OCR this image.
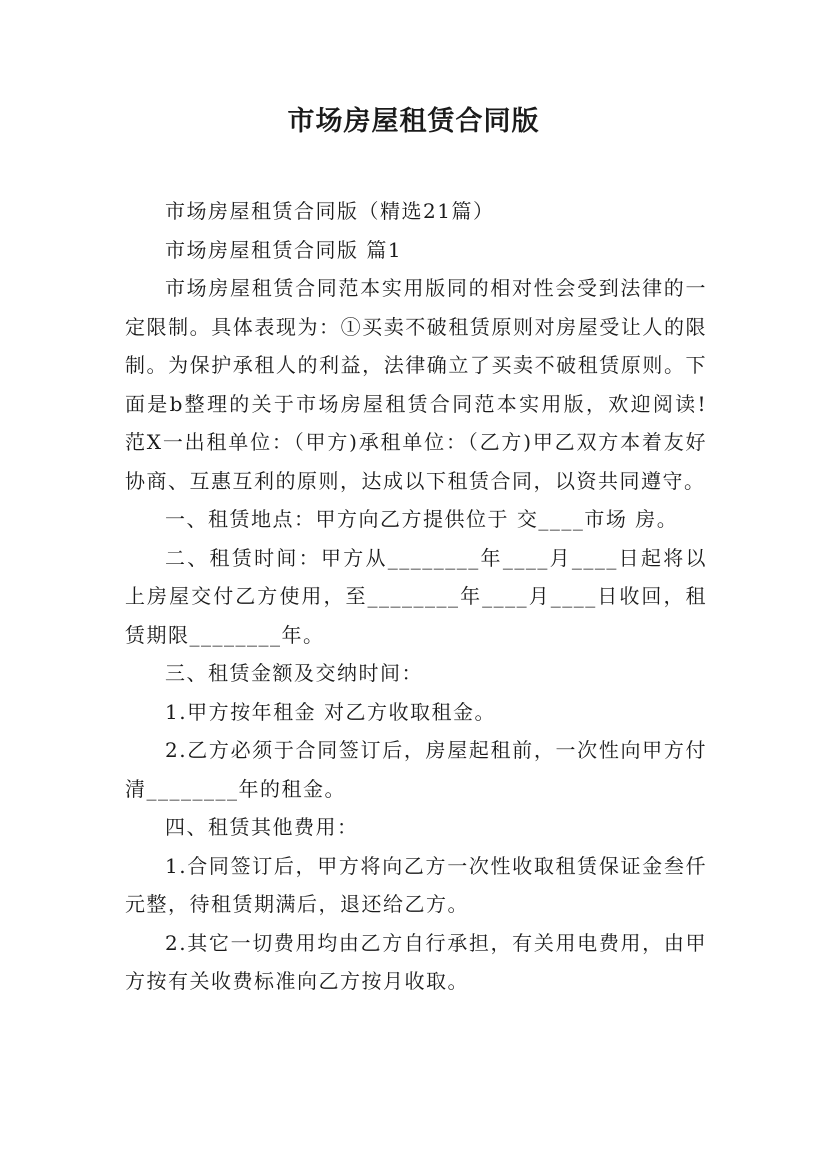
市场房屋租赁合同版

市场房屋租赁合同版（精选21篇）

市场房屋租赁合同版 篇1

市场房屋租赁合同范本实用版同的相对性会受到法律的一定限制。具体表现为：①买卖不破租赁原则对房屋受让人的限制。为保护承租人的利益，法律确立了买卖不破租赁原则。下面是b整理的关于市场房屋租赁合同范本实用版，欢迎阅读!范X一出租单位：（甲方)承租单位：（乙方)甲乙双方本着友好协商、互惠互利的原则，达成以下租赁合同，以资共同遵守。

一、租赁地点：甲方向乙方提供位于 交____市场 房。

二、租赁时间：甲方从________年____月____日起将以上房屋交付乙方使用，至________年____月____日收回，租赁期限________年。

三、租赁金额及交纳时间：

1.甲方按年租金 对乙方收取租金。

2.乙方必须于合同签订后，房屋起租前，一次性向甲方付清________年的租金。

四、租赁其他费用：

1.合同签订后，甲方将向乙方一次性收取租赁保证金叁仟元整，待租赁期满后，退还给乙方。

2.其它一切费用均由乙方自行承担，有关用电费用，由甲方按有关收费标准向乙方按月收取。
